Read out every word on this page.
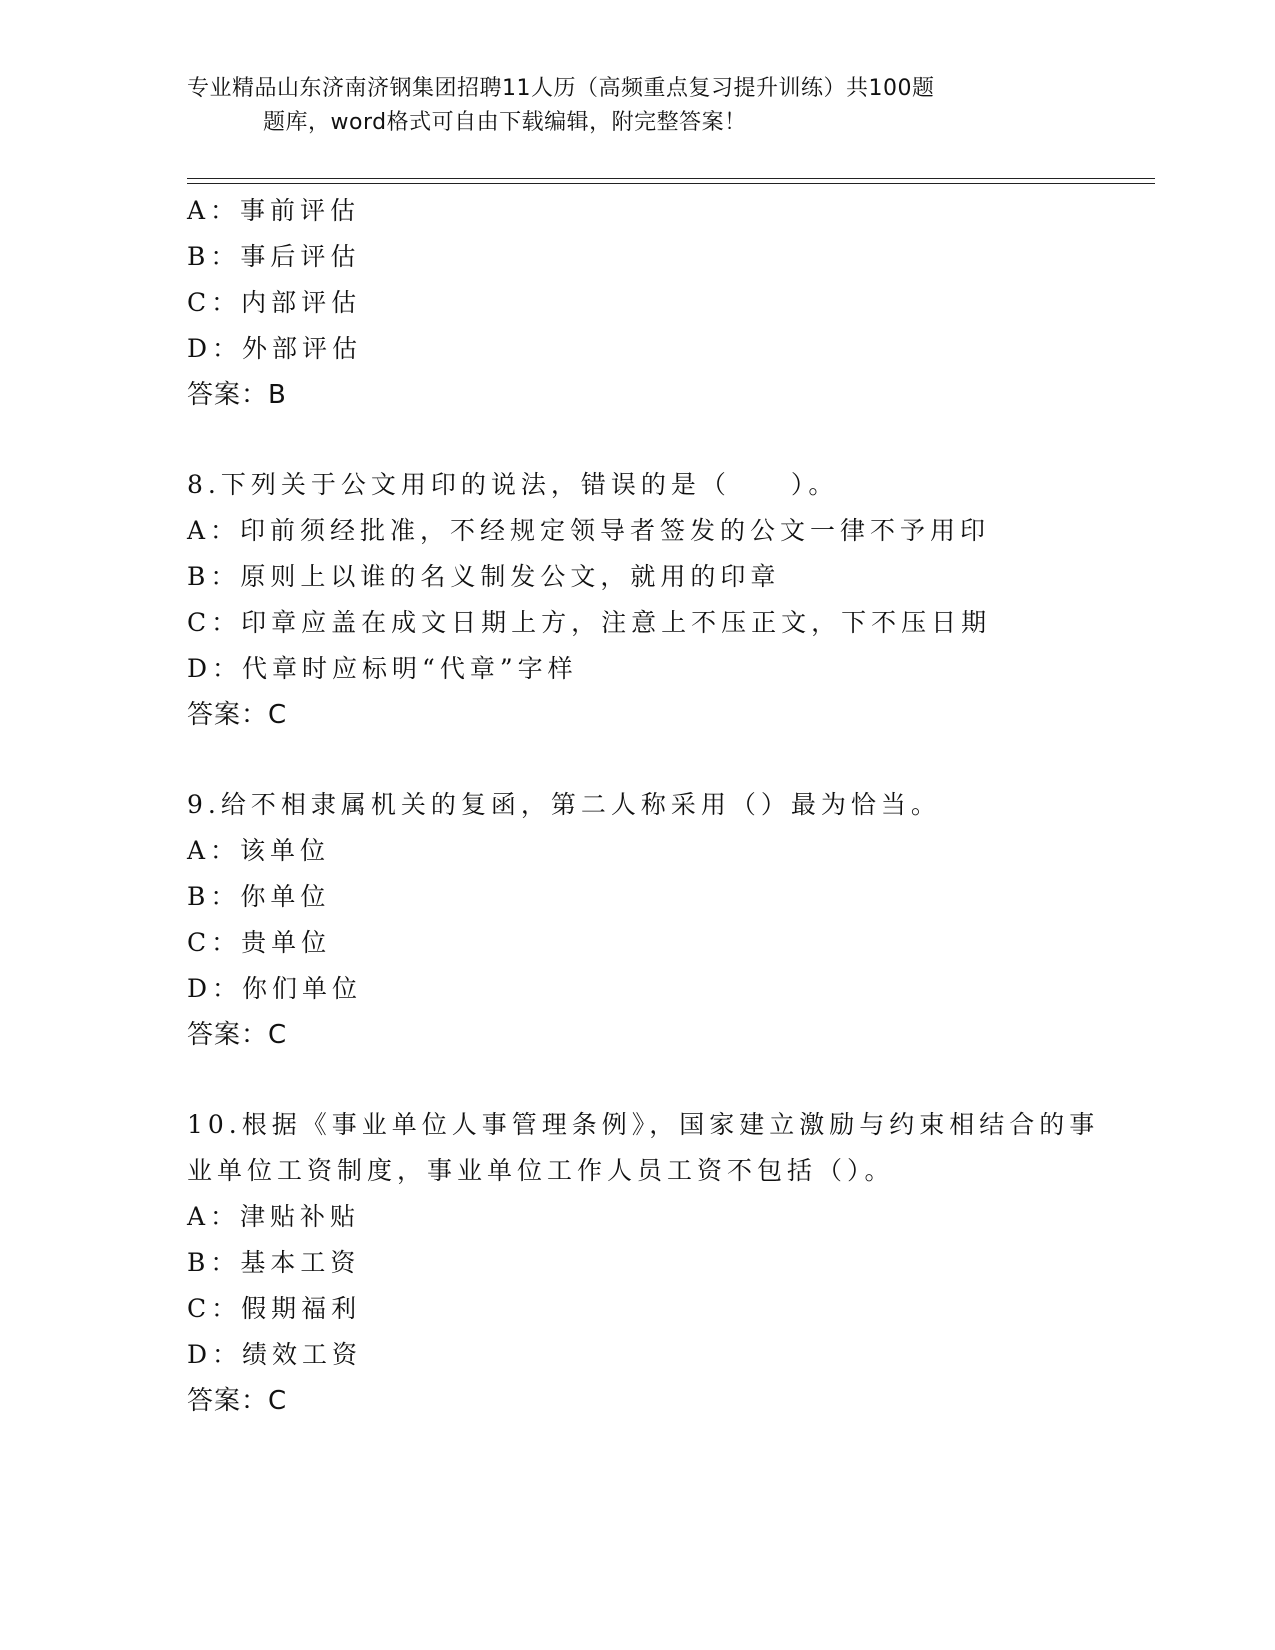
专业精品山东济南济钢集团招聘11人历（高频重点复习提升训练）共100题
题库，word格式可自由下载编辑，附完整答案！
A：事前评估
B：事后评估
C：内部评估
D：外部评估
答案：B
8.下列关于公文用印的说法，错误的是（　　）。
A：印前须经批准，不经规定领导者签发的公文一律不予用印
B：原则上以谁的名义制发公文，就用的印章
C：印章应盖在成文日期上方，注意上不压正文，下不压日期
D：代章时应标明“代章”字样
答案：C
9.给不相隶属机关的复函，第二人称采用（）最为恰当。
A：该单位
B：你单位
C：贵单位
D：你们单位
答案：C
10.根据《事业单位人事管理条例》，国家建立激励与约束相结合的事
业单位工资制度，事业单位工作人员工资不包括（）。
A：津贴补贴
B：基本工资
C：假期福利
D：绩效工资
答案：C
